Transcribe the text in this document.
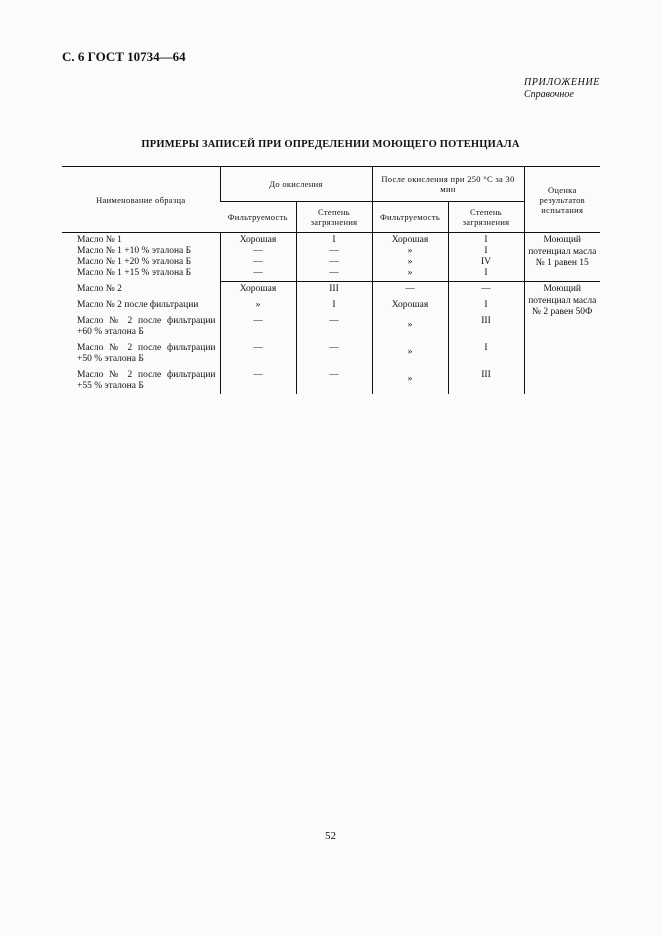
С. 6 ГОСТ 10734—64
ПРИЛОЖЕНИЕ
Справочное
ПРИМЕРЫ ЗАПИСЕЙ ПРИ ОПРЕДЕЛЕНИИ МОЮЩЕГО ПОТЕНЦИАЛА
Наименование образца	До окисления		После окисления при 250 °С за 30 мин		Оценка результатов испытания
	Фильтруемость	Степень загрязнения	Фильтруемость	Степень загрязнения	
Масло № 1	Хорошая	I	Хорошая	I	Моющий потенциал масла № 1 равен 15
Масло № 1 +10 % эталона Б	—	—	»	I	
Масло № 1 +20 % эталона Б	—	—	»	IV	
Масло № 1 +15 % эталона Б	—	—	»	I	
Масло № 2	Хорошая	III	—	—	Моющий потенциал масла № 2 равен 50Ф
Масло № 2 после фильтрации	»	I	Хорошая	I	
Масло № 2 после фильтрации +60 % эталона Б	—	—	»	III	
Масло № 2 после фильтрации +50 % эталона Б	—	—	»	I	
Масло № 2 после фильтрации +55 % эталона Б	—	—	»	III	
52
